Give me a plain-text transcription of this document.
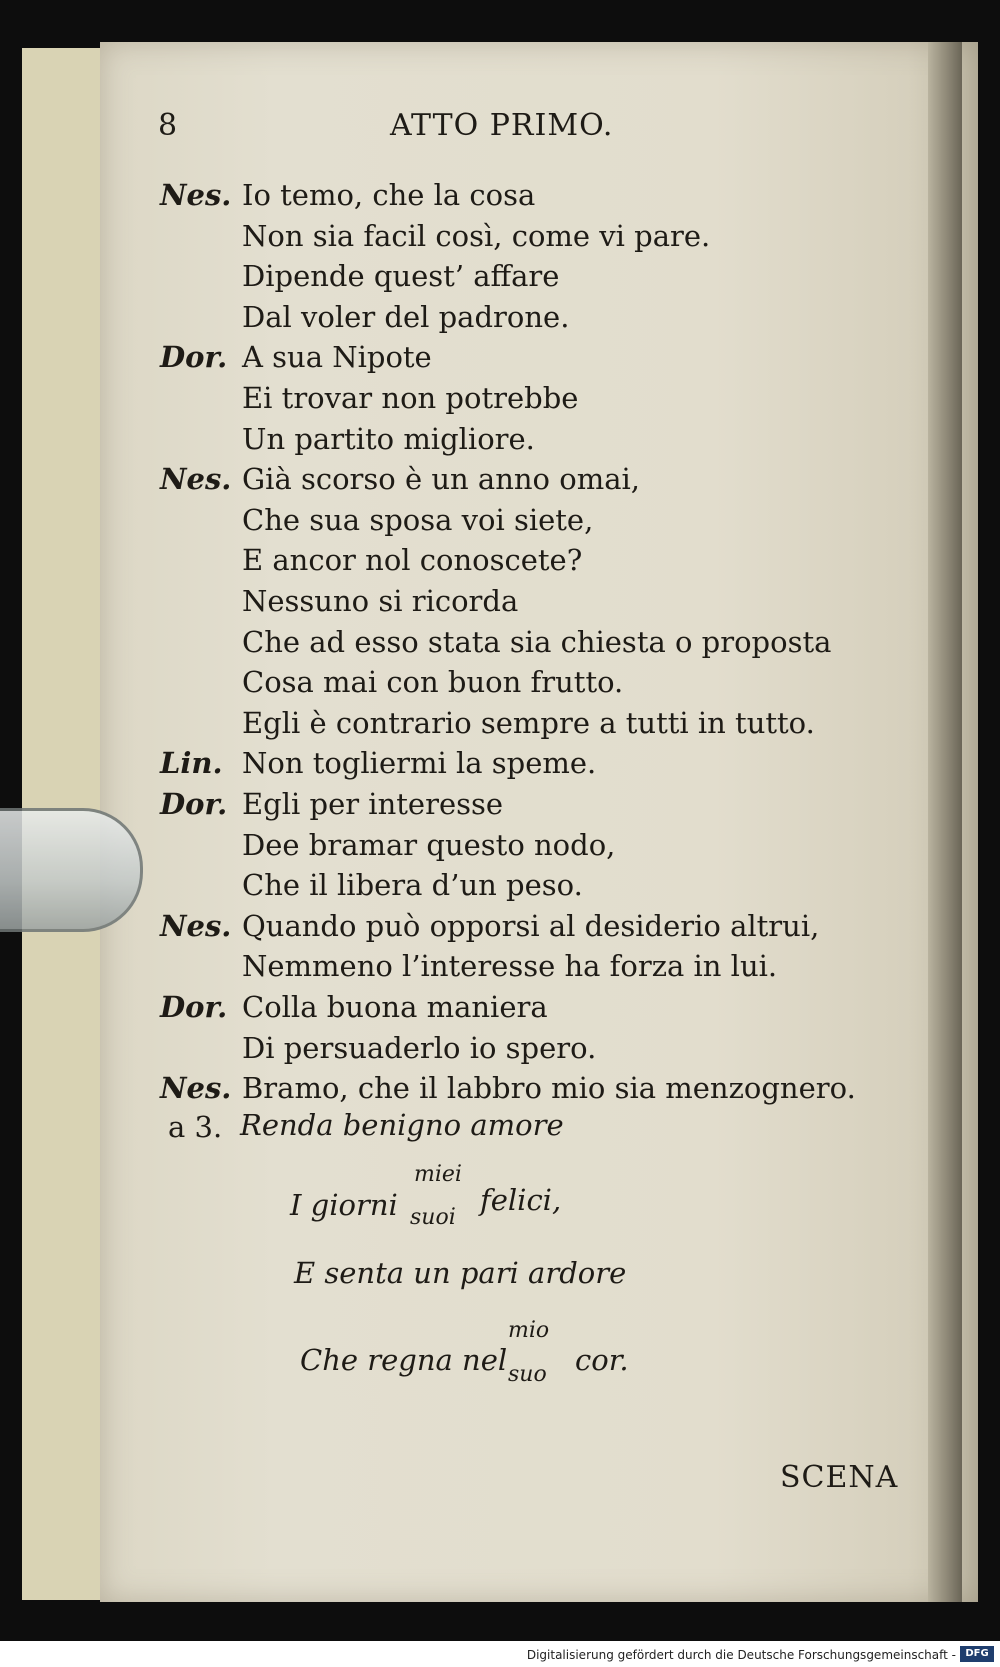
8	ATTO PRIMO.
Nes. Io temo, che la cosa
Non sia facil così, come vi pare.
Dipende quest’ affare
Dal voler del padrone.
Dor. A sua Nipote
Ei trovar non potrebbe
Un partito migliore.
Nes. Già scorso è un anno omai,
Che sua sposa voi siete,
E ancor nol conoscete?
Nessuno si ricorda
Che ad esso stata sia chiesta o proposta
Cosa mai con buon frutto.
Egli è contrario sempre a tutti in tutto.
Lin. Non togliermi la speme.
Dor. Egli per interesse
Dee bramar questo nodo,
Che il libera d’un peso.
Nes. Quando può opporsi al desiderio altrui,
Nemmeno l’interesse ha forza in lui.
Dor. Colla buona maniera
Di persuaderlo io spero.
Nes. Bramo, che il labbro mio sia menzognero.
a 3. Renda benigno amore
I giorni
miei
suoi
felici,
E senta un pari ardore
Che regna nel
mio
suo cor.
SCENA
Digitalisierung gefördert durch die Deutsche Forschungsgemeinschaft - DFG
